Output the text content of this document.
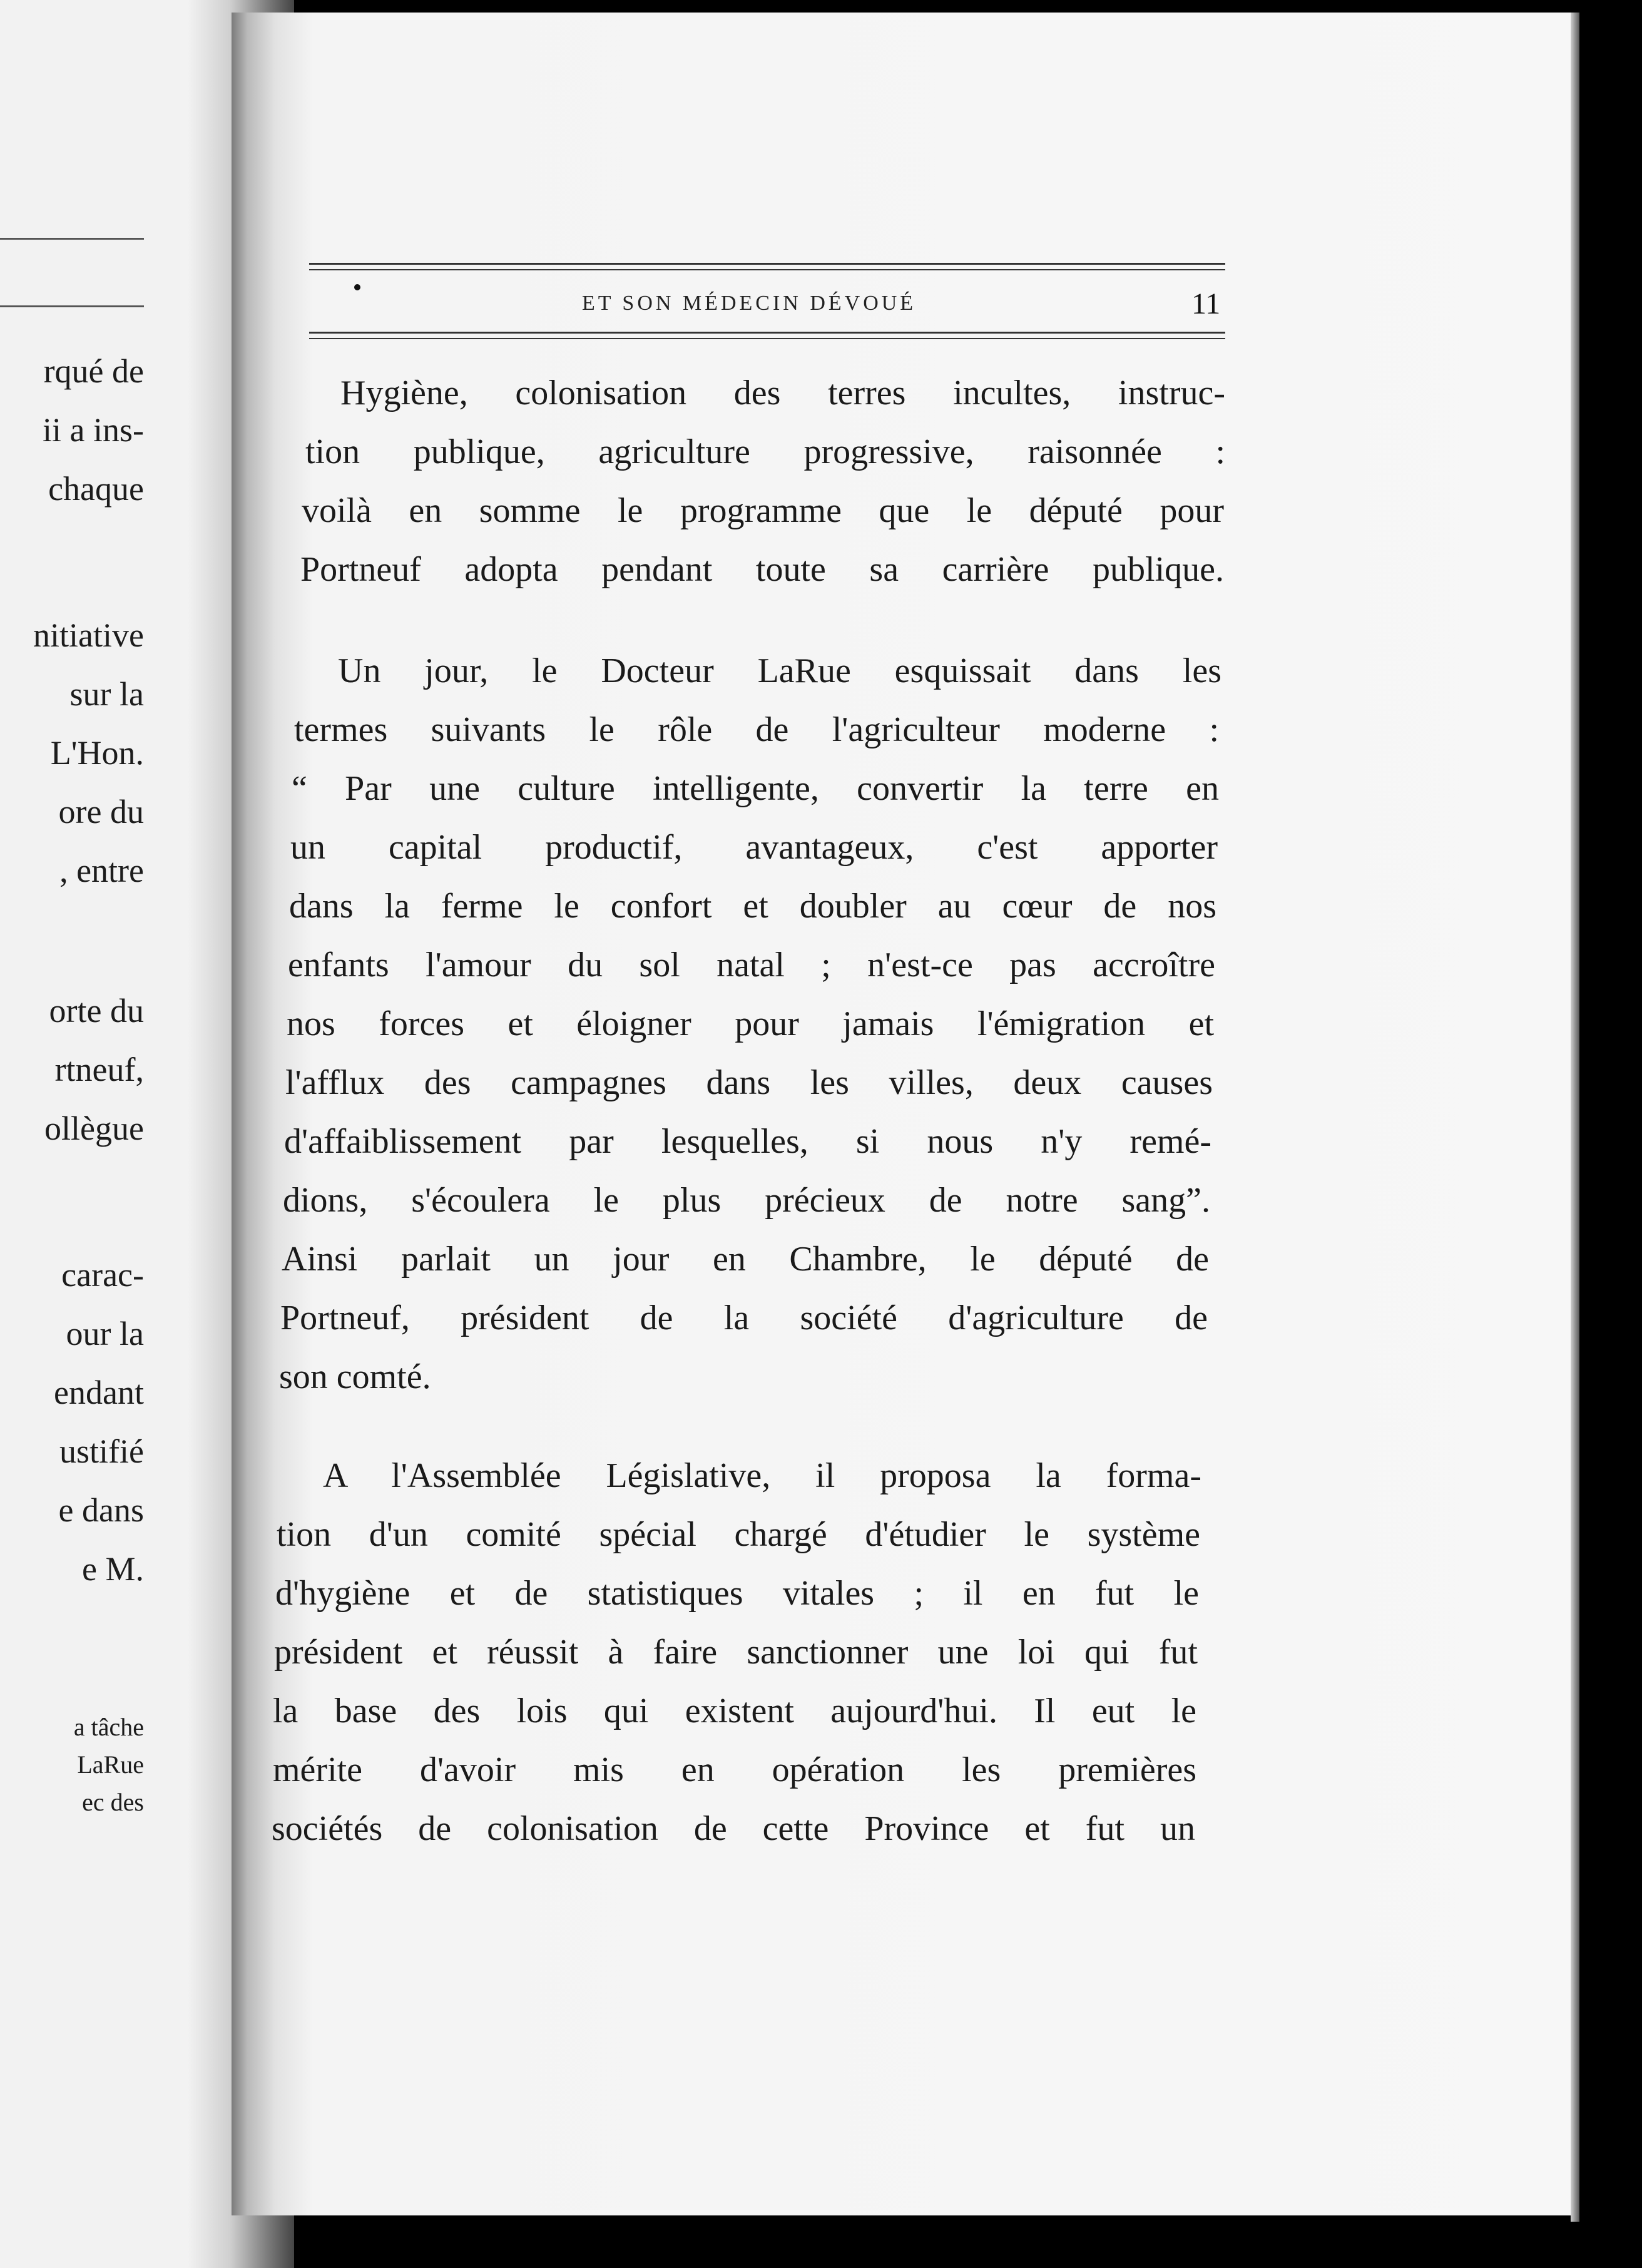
rqué de
ii a ins-
chaque
nitiative
sur la
L'Hon.
ore du
, entre
orte du
rtneuf,
ollègue
carac-
our la
endant
ustifié
e dans
e M.
a tâche
LaRue
ec des
ET SON MÉDECIN DÉVOUÉ	11
Hygiène, colonisation des terres incultes, instruc-
tion publique, agriculture progressive, raisonnée :
voilà en somme le programme que le député pour
Portneuf adopta pendant toute sa carrière publique.
Un jour, le Docteur LaRue esquissait dans les
termes suivants le rôle de l'agriculteur moderne :
“ Par une culture intelligente, convertir la terre en
un capital productif, avantageux, c'est apporter
dans la ferme le confort et doubler au cœur de nos
enfants l'amour du sol natal ; n'est-ce pas accroître
nos forces et éloigner pour jamais l'émigration et
l'afflux des campagnes dans les villes, deux causes
d'affaiblissement par lesquelles, si nous n'y remé-
dions, s'écoulera le plus précieux de notre sang”.
Ainsi parlait un jour en Chambre, le député de
Portneuf, président de la société d'agriculture de
son comté.
A l'Assemblée Législative, il proposa la forma-
tion d'un comité spécial chargé d'étudier le système
d'hygiène et de statistiques vitales ; il en fut le
président et réussit à faire sanctionner une loi qui fut
la base des lois qui existent aujourd'hui. Il eut le
mérite d'avoir mis en opération les premières
sociétés de colonisation de cette Province et fut un
